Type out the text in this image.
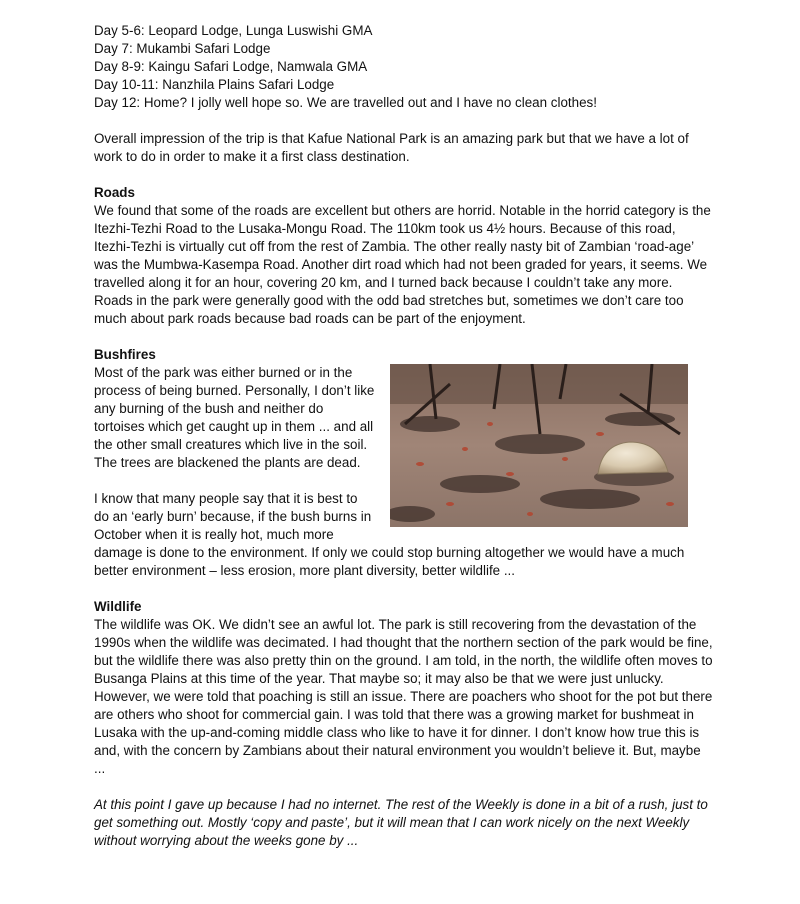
Day 5-6: Leopard Lodge, Lunga Luswishi GMA
Day 7: Mukambi Safari Lodge
Day 8-9: Kaingu Safari Lodge, Namwala GMA
Day 10-11: Nanzhila Plains Safari Lodge
Day 12: Home? I jolly well hope so. We are travelled out and I have no clean clothes!

Overall impression of the trip is that Kafue National Park is an amazing park but that we have a lot of work to do in order to make it a first class destination.

Roads

We found that some of the roads are excellent but others are horrid. Notable in the horrid category is the Itezhi-Tezhi Road to the Lusaka-Mongu Road. The 110km took us 4½ hours. Because of this road, Itezhi-Tezhi is virtually cut off from the rest of Zambia. The other really nasty bit of Zambian ‘road-age’ was the Mumbwa-Kasempa Road. Another dirt road which had not been graded for years, it seems. We travelled along it for an hour, covering 20 km, and I turned back because I couldn’t take any more. Roads in the park were generally good with the odd bad stretches but, sometimes we don’t care too much about park roads because bad roads can be part of the enjoyment.

Bushfires

Most of the park was either burned or in the process of being burned. Personally, I don’t like any burning of the bush and neither do tortoises which get caught up in them ... and all the other small creatures which live in the soil. The trees are blackened the plants are dead.

I know that many people say that it is best to do an ‘early burn’ because, if the bush burns in October when it is really hot, much more damage is done to the environment. If only we could stop burning altogether we would have a much better environment – less erosion, more plant diversity, better wildlife ...

Wildlife

The wildlife was OK. We didn’t see an awful lot. The park is still recovering from the devastation of the 1990s when the wildlife was decimated. I had thought that the northern section of the park would be fine, but the wildlife there was also pretty thin on the ground. I am told, in the north, the wildlife often moves to Busanga Plains at this time of the year. That maybe so; it may also be that we were just unlucky.

However, we were told that poaching is still an issue. There are poachers who shoot for the pot but there are others who shoot for commercial gain. I was told that there was a growing market for bushmeat in Lusaka with the up-and-coming middle class who like to have it for dinner. I don’t know how true this is and, with the concern by Zambians about their natural environment you wouldn’t believe it. But, maybe ...

At this point I gave up because I had no internet. The rest of the Weekly is done in a bit of a rush, just to get something out. Mostly ‘copy and paste’, but it will mean that I can work nicely on the next Weekly without worrying about the weeks gone by ...
